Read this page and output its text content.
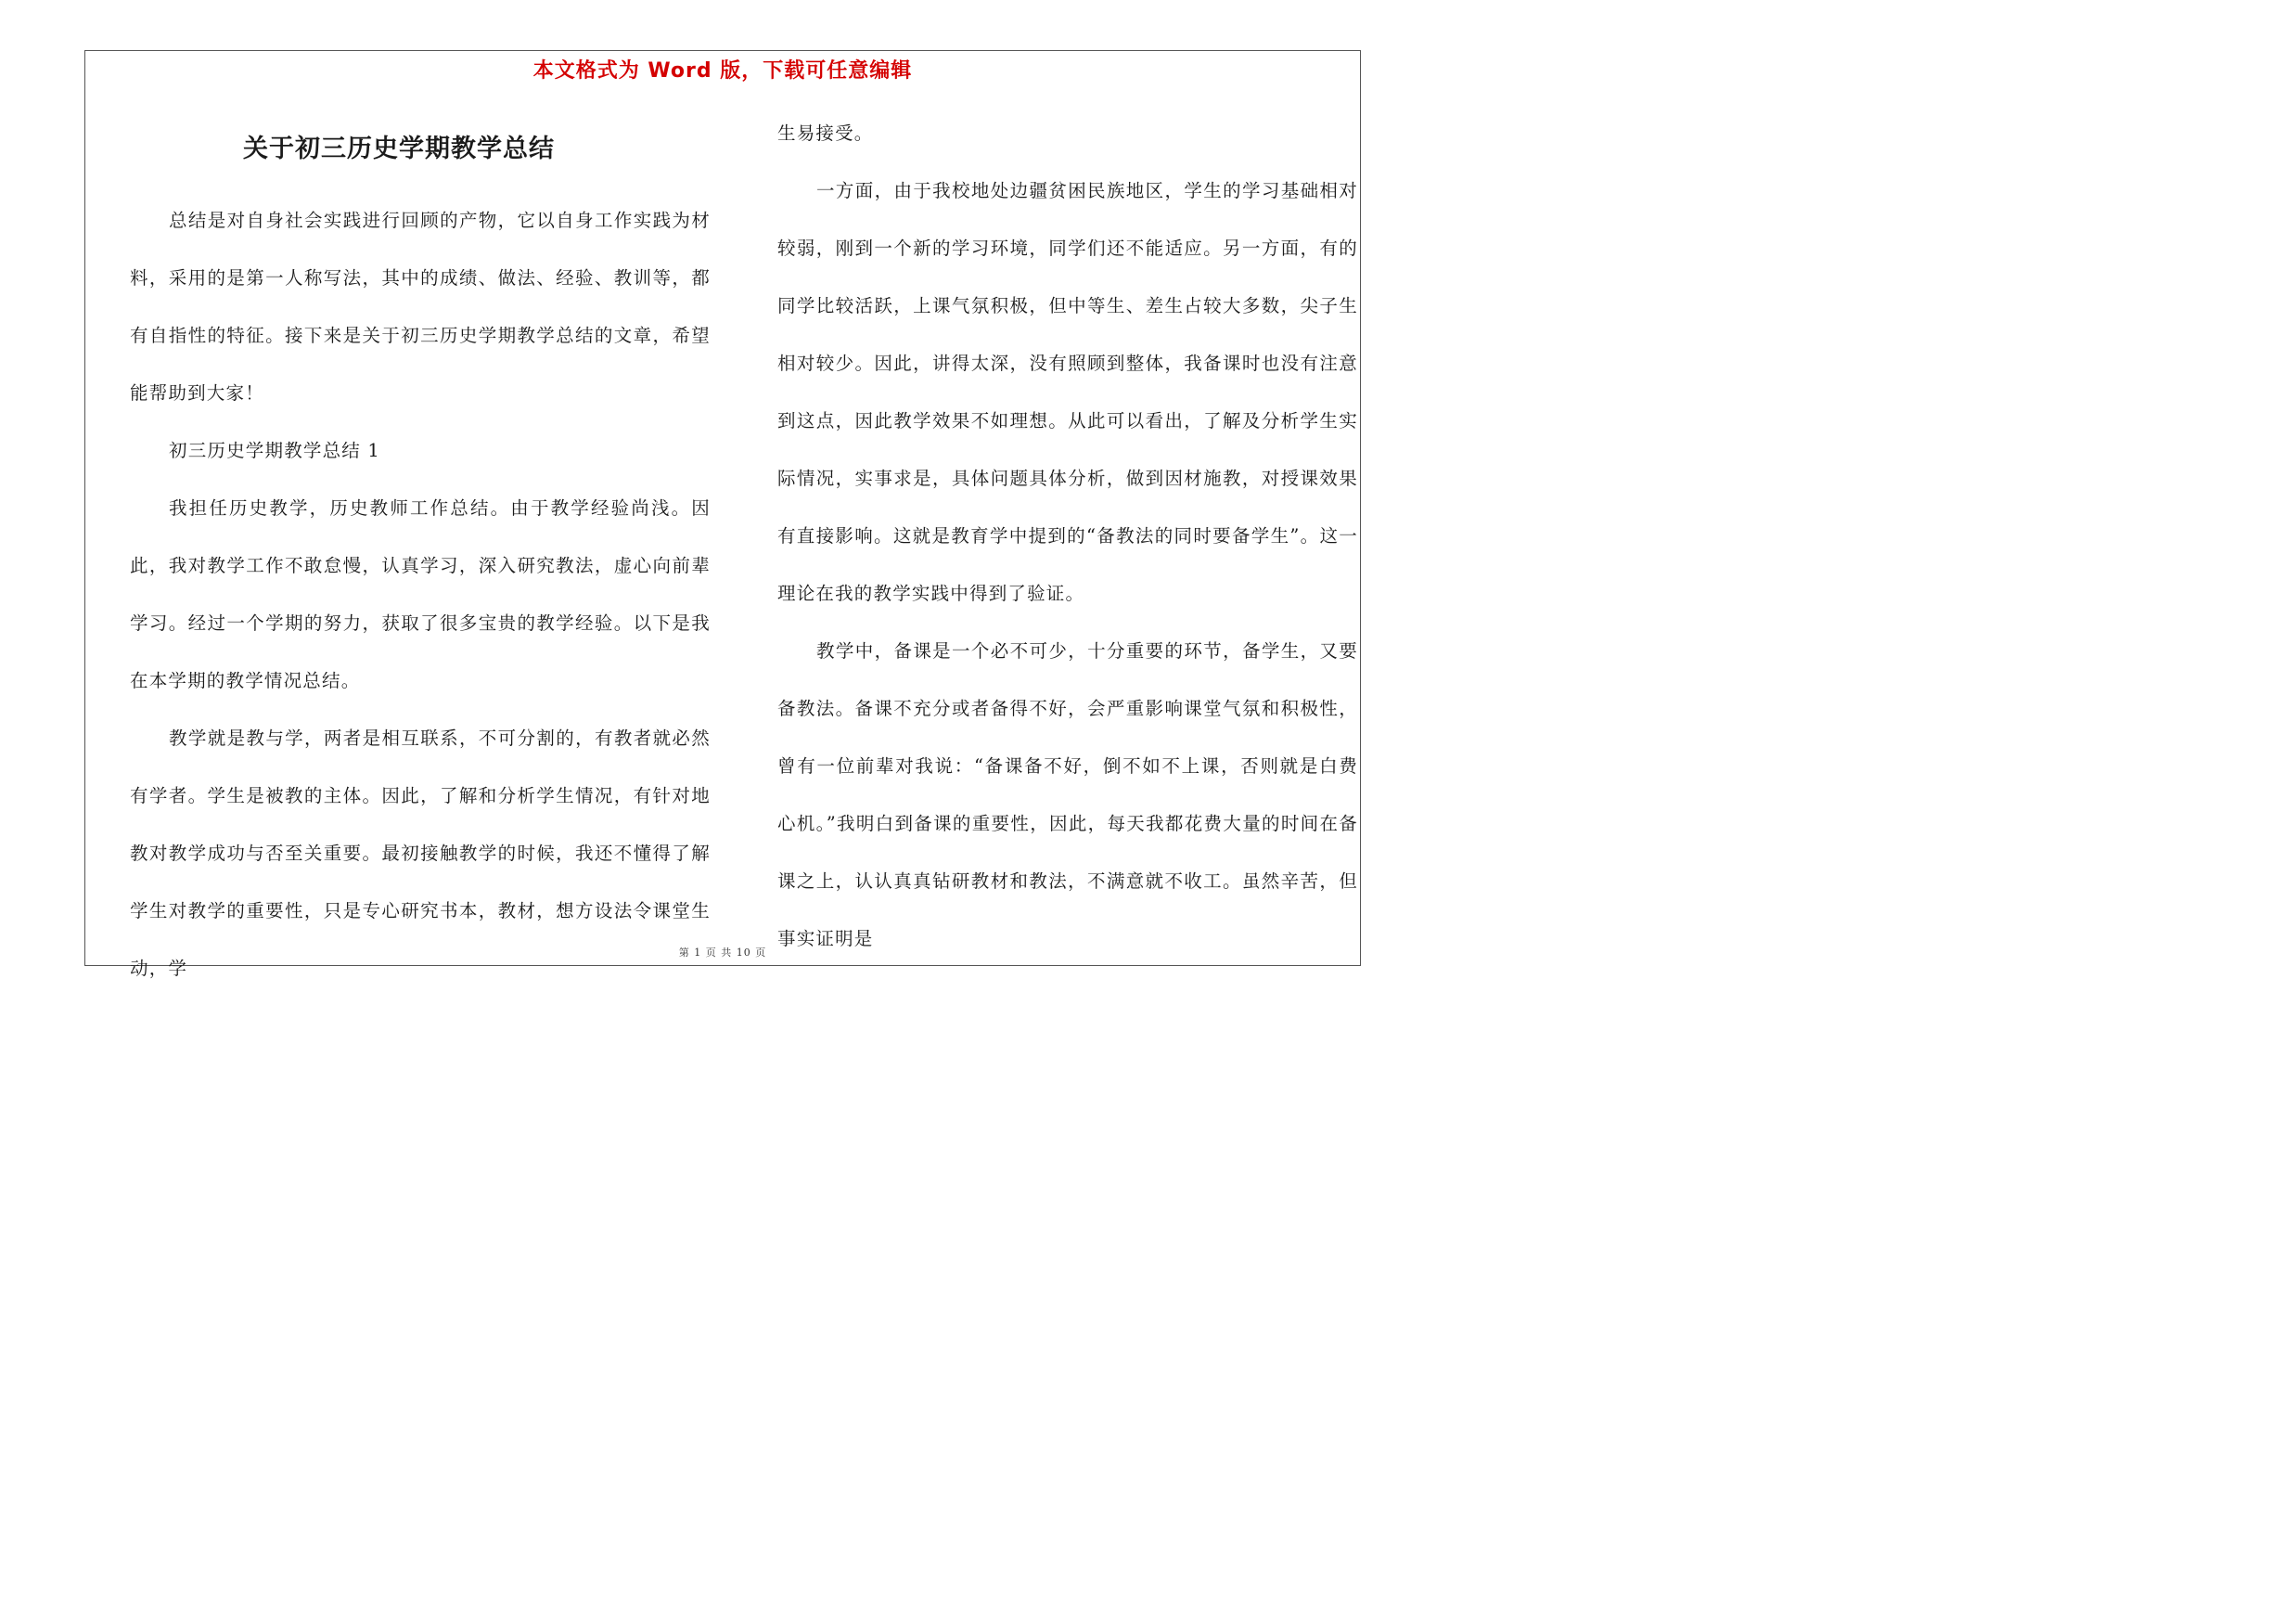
本文格式为 Word 版，下载可任意编辑
关于初三历史学期教学总结

总结是对自身社会实践进行回顾的产物，它以自身工作实践为材料，采用的是第一人称写法，其中的成绩、做法、经验、教训等，都有自指性的特征。接下来是关于初三历史学期教学总结的文章，希望能帮助到大家！

初三历史学期教学总结 1

我担任历史教学，历史教师工作总结。由于教学经验尚浅。因此，我对教学工作不敢怠慢，认真学习，深入研究教法，虚心向前辈学习。经过一个学期的努力，获取了很多宝贵的教学经验。以下是我在本学期的教学情况总结。

教学就是教与学，两者是相互联系，不可分割的，有教者就必然有学者。学生是被教的主体。因此，了解和分析学生情况，有针对地教对教学成功与否至关重要。最初接触教学的时候，我还不懂得了解学生对教学的重要性，只是专心研究书本，教材，想方设法令课堂生动，学

生易接受。

一方面，由于我校地处边疆贫困民族地区，学生的学习基础相对较弱，刚到一个新的学习环境，同学们还不能适应。另一方面，有的同学比较活跃，上课气氛积极，但中等生、差生占较大多数，尖子生相对较少。因此，讲得太深，没有照顾到整体，我备课时也没有注意到这点，因此教学效果不如理想。从此可以看出，了解及分析学生实际情况，实事求是，具体问题具体分析，做到因材施教，对授课效果有直接影响。这就是教育学中提到的“备教法的同时要备学生”。这一理论在我的教学实践中得到了验证。

教学中，备课是一个必不可少，十分重要的环节，备学生，又要备教法。备课不充分或者备得不好，会严重影响课堂气氛和积极性，曾有一位前辈对我说：“备课备不好，倒不如不上课，否则就是白费心机。”我明白到备课的重要性，因此，每天我都花费大量的时间在备课之上，认认真真钻研教材和教法，不满意就不收工。虽然辛苦，但事实证明是

第 1 页 共 10 页
